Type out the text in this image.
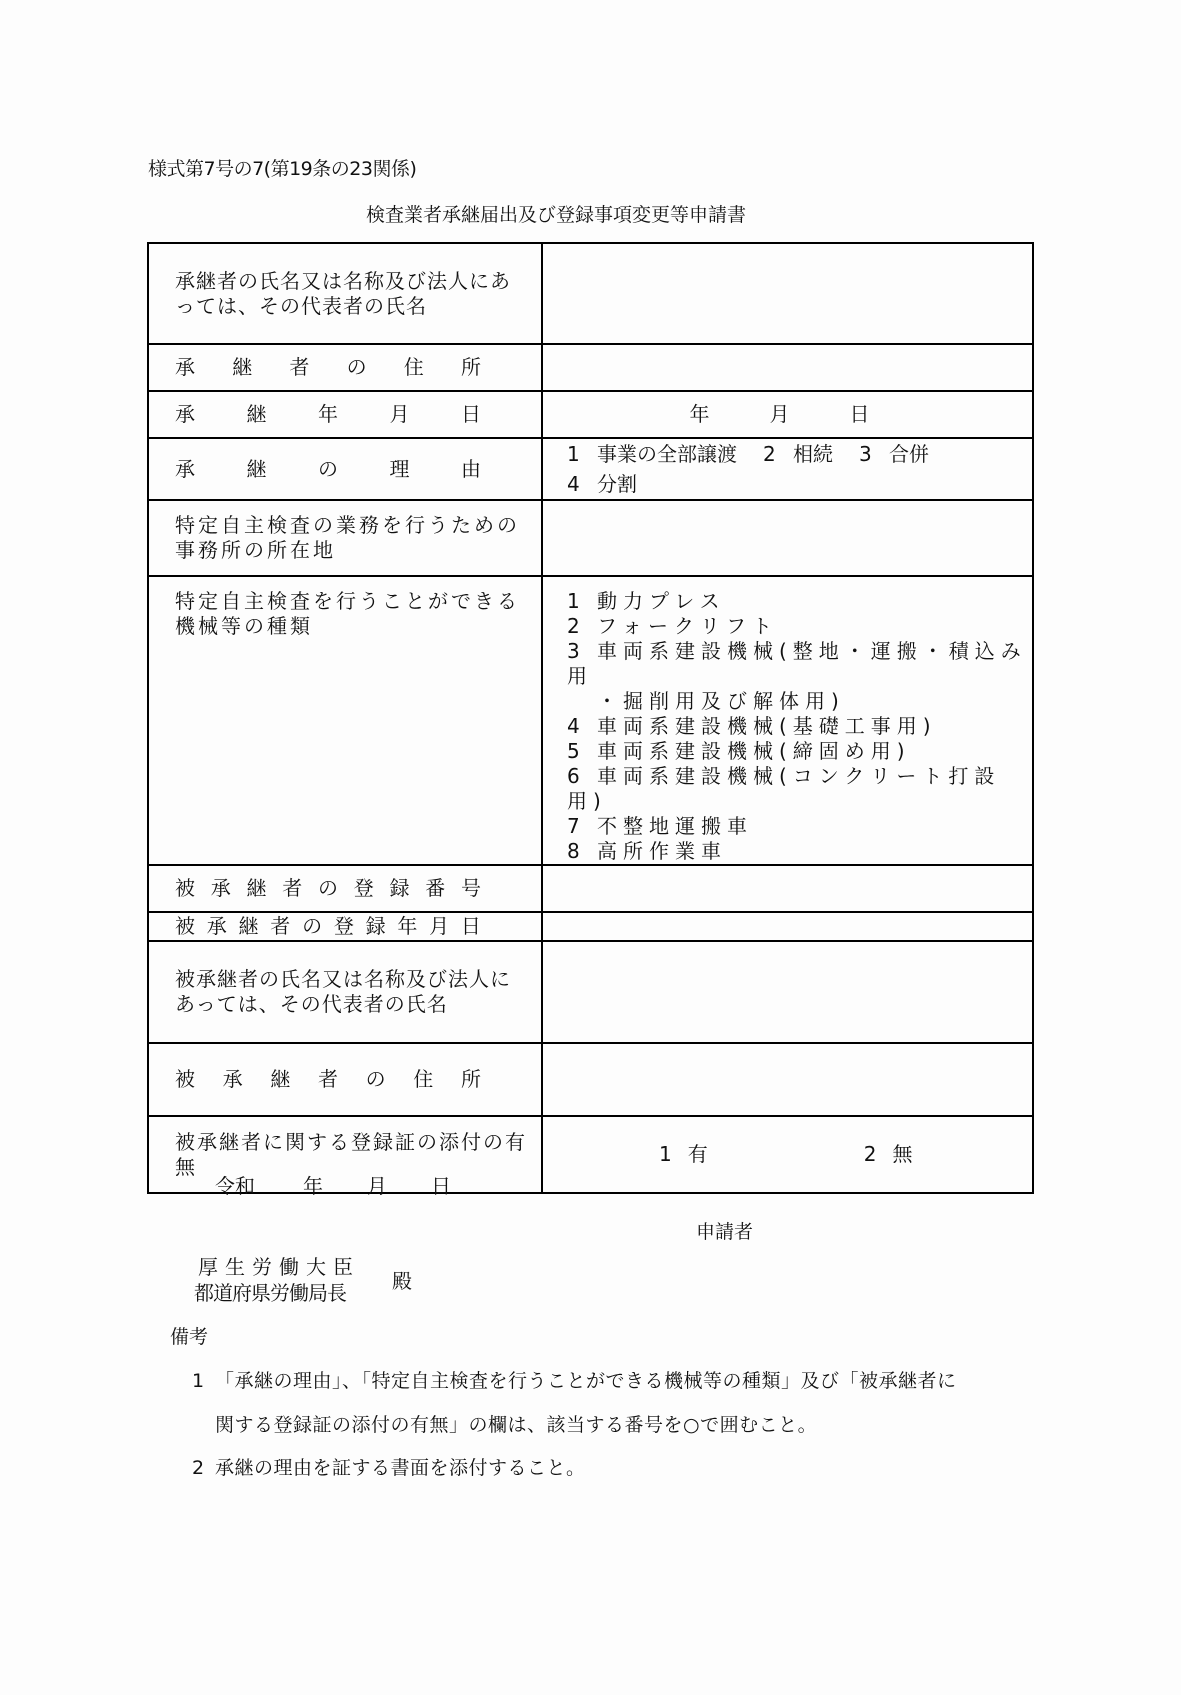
様式第7号の7(第19条の23関係)
検査業者承継届出及び登録事項変更等申請書
承継者の氏名又は名称及び法人にあっては、その代表者の氏名	

承 継 者 の 住 所

承 継 年 月 日	年 月 日

承	継	の	理	由

1 事業の全部譲渡 2 相続 3 合併
4 分割

特定自主検査の業務を行うための事務所の所在地	

特定自主検査を行うことができる機械等の種類

1 動力プレス
2 フォークリフト
3 車両系建設機械(整地・運搬・積込み用
・掘削用及び解体用)
4 車両系建設機械(基礎工事用)
5 車両系建設機械(締固め用)
6 車両系建設機械(コンクリート打設用)
7 不整地運搬車
8 高所作業車

被 承 継 者 の 登 録 番 号

被 承 継 者 の 登 録 年 月 日

被承継者の氏名又は名称及び法人にあっては、その代表者の氏名	

被 承 継 者 の 住 所

被承継者に関する登録証の添付の有無	1 有 2 無
令和 年 月 日
申請者
厚生労働大臣
都道府県労働局長 殿
備考
1 「承継の理由」、「特定自主検査を行うことができる機械等の種類」及び「被承継者に
関する登録証の添付の有無」の欄は、該当する番号を○で囲むこと。
2 承継の理由を証する書面を添付すること。
